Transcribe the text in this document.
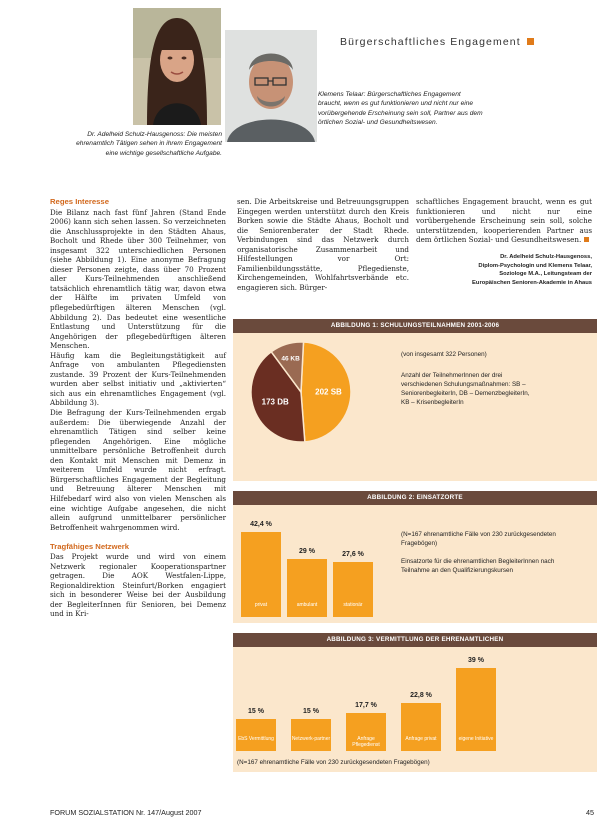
Bürgerschaftliches Engagement
Dr. Adelheid Schulz-Hausgenoss: Die meisten ehrenamtlich Tätigen sehen in ihrem Engagement eine wichtige gesellschaftliche Aufgabe.
Klemens Telaar: Bürgerschaftliches Engagement braucht, wenn es gut funktionieren und nicht nur eine vorübergehende Erscheinung sein soll, Partner aus dem örtlichen Sozial- und Gesundheitswesen.
Reges Interesse

Die Bilanz nach fast fünf Jahren (Stand Ende 2006) kann sich sehen lassen. So verzeichneten die Anschlussprojekte in den Städten Ahaus, Bocholt und Rhede über 300 Teilnehmer, von insgesamt 322 unterschiedlichen Personen (siehe Abbildung 1). Eine anonyme Befragung dieser Personen zeigte, dass über 70 Prozent aller Kurs-Teilnehmenden anschließend tatsächlich ehrenamtlich tätig war, davon etwa der Hälfte im privaten Umfeld von pflegebedürftigen älteren Menschen (vgl. Abbildung 2). Das bedeutet eine wesentliche Entlastung und Unterstützung für die Angehörigen der pflegebedürftigen älteren Menschen.

Häufig kam die Begleitungstätigkeit auf Anfrage von ambulanten Pflegediensten zustande. 39 Prozent der Kurs-Teilnehmenden wurden aber selbst initiativ und „aktivierten“ sich aus ein ehrenamtliches Engagement (vgl. Abbildung 3).

Die Befragung der Kurs-Teilnehmenden ergab außerdem: Die überwiegende Anzahl der ehrenamtlich Tätigen sind selber keine pflegenden Angehörigen. Eine mögliche unmittelbare persönliche Betroffenheit durch den Kontakt mit Menschen mit Demenz in weiterem Umfeld wurde nicht erfragt. Bürgerschaftliches Engagement der Begleitung und Betreuung älterer Menschen mit Hilfebedarf wird also von vielen Menschen als eine wichtige Aufgabe angesehen, die nicht allein aufgrund unmittelbarer persönlicher Betroffenheit wahrgenommen wird.

Tragfähiges Netzwerk

Das Projekt wurde und wird von einem Netzwerk regionaler Kooperationspartner getragen. Die AOK Westfalen-Lippe, Regionaldirektion Steinfurt/Borken engagiert sich in besonderer Weise bei der Ausbildung der BegleiterInnen für Senioren, bei Demenz und in Kri-

sen. Die Arbeitskreise und Betreuungsgruppen Eingegen werden unterstützt durch den Kreis Borken sowie die Städte Ahaus, Bocholt und die Seniorenberater der Stadt Rhede. Verbindungen sind das Netzwerk durch organisatorische Zusammenarbeit und Hilfestellungen vor Ort: Familienbildungsstätte, Pflegedienste, Kirchengemeinden, Wohlfahrtsverbände etc. engagieren sich. Bürger-

schaftliches Engagement braucht, wenn es gut funktionieren und nicht nur eine vorübergehende Erscheinung sein soll, solche unterstützenden, kooperierenden Partner aus dem örtlichen Sozial- und Gesundheitswesen.

Dr. Adelheid Schulz-Hausgenoss,
Diplom-Psychologin und Klemens Telaar,
Soziologe M.A., Leitungsteam der
Europäischen Senioren-Akademie in Ahaus
ABBILDUNG 1: SCHULUNGSTEILNAHMEN 2001-2006
202 SB
173 DB
46 KB
(von insgesamt 322 Personen)
Anzahl der TeilnehmerInnen der drei verschiedenen Schulungsmaßnahmen: SB – SeniorenbegleiterIn, DB – DemenzbegleiterIn, KB – KrisenbegleiterIn
ABBILDUNG 2: EINSATZORTE
42,4 %
privat
29 %
ambulant
27,6 %
stationär
(N=167 ehrenamtliche Fälle von 230 zurückgesendeten Fragebögen)
Einsatzorte für die ehrenamtlichen BegleiterInnen nach Teilnahme an den Qualifizierungskursen
ABBILDUNG 3: VERMITTLUNG DER EHRENAMTLICHEN
15 %
EbS Vermittlung
15 %
Netzwerk-partner
17,7 %
Anfrage Pflegedienst
22,8 %
Anfrage privat
39 %
eigene Initiative
(N=167 ehrenamtliche Fälle von 230 zurückgesendeten Fragebögen)
FORUM SOZIALSTATION Nr. 147/August 2007	45
